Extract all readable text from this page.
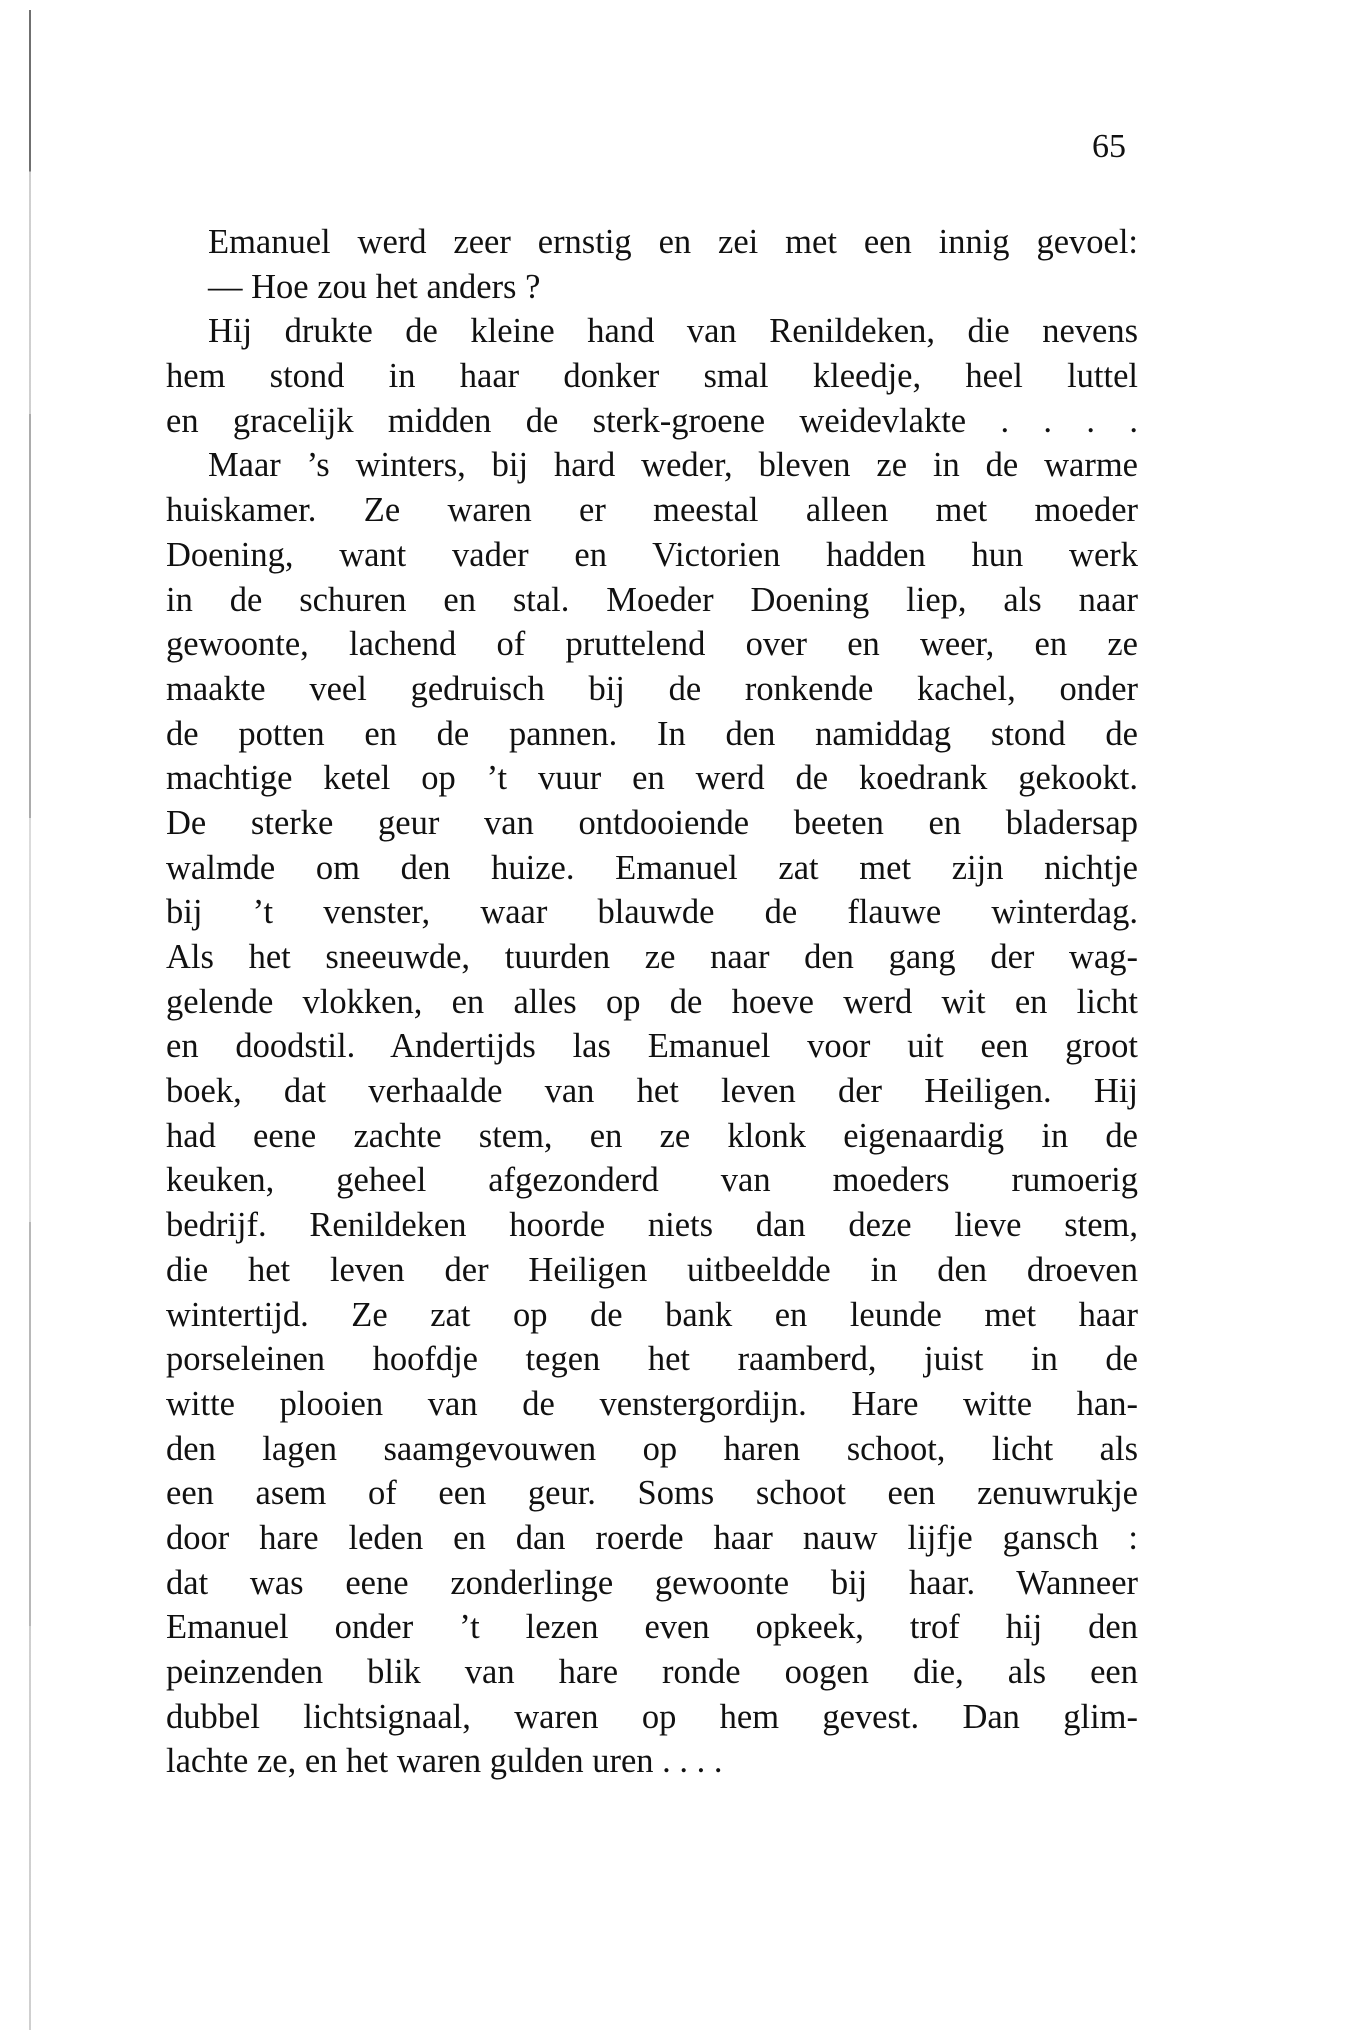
65
Emanuel werd zeer ernstig en zei met een innig gevoel:
— Hoe zou het anders ?
Hij drukte de kleine hand van Renildeken, die nevens
hem stond in haar donker smal kleedje, heel luttel
en gracelijk midden de sterk-groene weidevlakte . . . .
Maar ’s winters, bij hard weder, bleven ze in de warme
huiskamer. Ze waren er meestal alleen met moeder
Doening, want vader en Victorien hadden hun werk
in de schuren en stal. Moeder Doening liep, als naar
gewoonte, lachend of pruttelend over en weer, en ze
maakte veel gedruisch bij de ronkende kachel, onder
de potten en de pannen. In den namiddag stond de
machtige ketel op ’t vuur en werd de koedrank gekookt.
De sterke geur van ontdooiende beeten en bladersap
walmde om den huize. Emanuel zat met zijn nichtje
bij ’t venster, waar blauwde de flauwe winterdag.
Als het sneeuwde, tuurden ze naar den gang der wag-
gelende vlokken, en alles op de hoeve werd wit en licht
en doodstil. Andertijds las Emanuel voor uit een groot
boek, dat verhaalde van het leven der Heiligen. Hij
had eene zachte stem, en ze klonk eigenaardig in de
keuken, geheel afgezonderd van moeders rumoerig
bedrijf. Renildeken hoorde niets dan deze lieve stem,
die het leven der Heiligen uitbeeldde in den droeven
wintertijd. Ze zat op de bank en leunde met haar
porseleinen hoofdje tegen het raamberd, juist in de
witte plooien van de venstergordijn. Hare witte han-
den lagen saamgevouwen op haren schoot, licht als
een asem of een geur. Soms schoot een zenuwrukje
door hare leden en dan roerde haar nauw lijfje gansch :
dat was eene zonderlinge gewoonte bij haar. Wanneer
Emanuel onder ’t lezen even opkeek, trof hij den
peinzenden blik van hare ronde oogen die, als een
dubbel lichtsignaal, waren op hem gevest. Dan glim-
lachte ze, en het waren gulden uren . . . .
